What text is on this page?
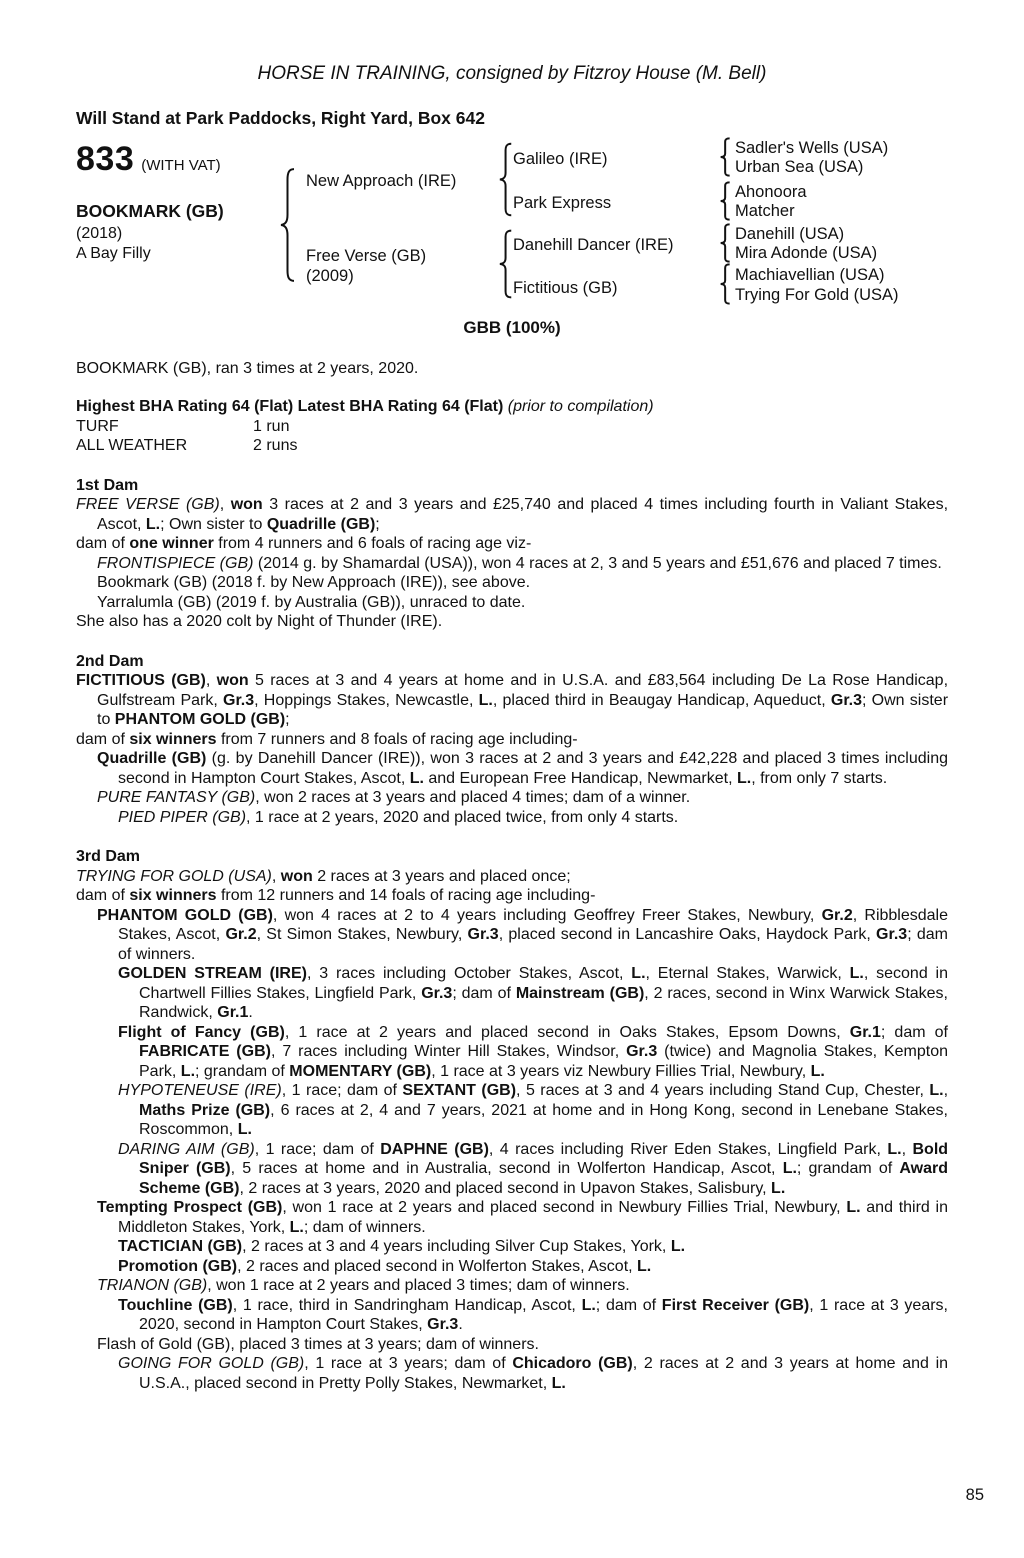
HORSE IN TRAINING, consigned by Fitzroy House (M. Bell)
Will Stand at Park Paddocks, Right Yard, Box 642
833 (WITH VAT)
BOOKMARK (GB)
(2018)
A Bay Filly
New Approach (IRE)
Free Verse (GB)
(2009)
Galileo (IRE)
Park Express
Danehill Dancer (IRE)
Fictitious (GB)
Sadler's Wells (USA)
Urban Sea (USA)
Ahonoora
Matcher
Danehill (USA)
Mira Adonde (USA)
Machiavellian (USA)
Trying For Gold (USA)
GBB (100%)
BOOKMARK (GB), ran 3 times at 2 years, 2020.
Highest BHA Rating 64 (Flat) Latest BHA Rating 64 (Flat) (prior to compilation)
TURF	1 run
ALL WEATHER	2 runs
1st Dam
FREE VERSE (GB), won 3 races at 2 and 3 years and £25,740 and placed 4 times including fourth in Valiant Stakes, Ascot, L.; Own sister to Quadrille (GB);
dam of one winner from 4 runners and 6 foals of racing age viz-
FRONTISPIECE (GB) (2014 g. by Shamardal (USA)), won 4 races at 2, 3 and 5 years and £51,676 and placed 7 times.
Bookmark (GB) (2018 f. by New Approach (IRE)), see above.
Yarralumla (GB) (2019 f. by Australia (GB)), unraced to date.
She also has a 2020 colt by Night of Thunder (IRE).
2nd Dam
FICTITIOUS (GB), won 5 races at 3 and 4 years at home and in U.S.A. and £83,564 including De La Rose Handicap, Gulfstream Park, Gr.3, Hoppings Stakes, Newcastle, L., placed third in Beaugay Handicap, Aqueduct, Gr.3; Own sister to PHANTOM GOLD (GB);
dam of six winners from 7 runners and 8 foals of racing age including-
Quadrille (GB) (g. by Danehill Dancer (IRE)), won 3 races at 2 and 3 years and £42,228 and placed 3 times including second in Hampton Court Stakes, Ascot, L. and European Free Handicap, Newmarket, L., from only 7 starts.
PURE FANTASY (GB), won 2 races at 3 years and placed 4 times; dam of a winner.
PIED PIPER (GB), 1 race at 2 years, 2020 and placed twice, from only 4 starts.
3rd Dam
TRYING FOR GOLD (USA), won 2 races at 3 years and placed once;
dam of six winners from 12 runners and 14 foals of racing age including-
PHANTOM GOLD (GB), won 4 races at 2 to 4 years including Geoffrey Freer Stakes, Newbury, Gr.2, Ribblesdale Stakes, Ascot, Gr.2, St Simon Stakes, Newbury, Gr.3, placed second in Lancashire Oaks, Haydock Park, Gr.3; dam of winners.
GOLDEN STREAM (IRE), 3 races including October Stakes, Ascot, L., Eternal Stakes, Warwick, L., second in Chartwell Fillies Stakes, Lingfield Park, Gr.3; dam of Mainstream (GB), 2 races, second in Winx Warwick Stakes, Randwick, Gr.1.
Flight of Fancy (GB), 1 race at 2 years and placed second in Oaks Stakes, Epsom Downs, Gr.1; dam of FABRICATE (GB), 7 races including Winter Hill Stakes, Windsor, Gr.3 (twice) and Magnolia Stakes, Kempton Park, L.; grandam of MOMENTARY (GB), 1 race at 3 years viz Newbury Fillies Trial, Newbury, L.
HYPOTENEUSE (IRE), 1 race; dam of SEXTANT (GB), 5 races at 3 and 4 years including Stand Cup, Chester, L., Maths Prize (GB), 6 races at 2, 4 and 7 years, 2021 at home and in Hong Kong, second in Lenebane Stakes, Roscommon, L.
DARING AIM (GB), 1 race; dam of DAPHNE (GB), 4 races including River Eden Stakes, Lingfield Park, L., Bold Sniper (GB), 5 races at home and in Australia, second in Wolferton Handicap, Ascot, L.; grandam of Award Scheme (GB), 2 races at 3 years, 2020 and placed second in Upavon Stakes, Salisbury, L.
Tempting Prospect (GB), won 1 race at 2 years and placed second in Newbury Fillies Trial, Newbury, L. and third in Middleton Stakes, York, L.; dam of winners.
TACTICIAN (GB), 2 races at 3 and 4 years including Silver Cup Stakes, York, L.
Promotion (GB), 2 races and placed second in Wolferton Stakes, Ascot, L.
TRIANON (GB), won 1 race at 2 years and placed 3 times; dam of winners.
Touchline (GB), 1 race, third in Sandringham Handicap, Ascot, L.; dam of First Receiver (GB), 1 race at 3 years, 2020, second in Hampton Court Stakes, Gr.3.
Flash of Gold (GB), placed 3 times at 3 years; dam of winners.
GOING FOR GOLD (GB), 1 race at 3 years; dam of Chicadoro (GB), 2 races at 2 and 3 years at home and in U.S.A., placed second in Pretty Polly Stakes, Newmarket, L.
85
